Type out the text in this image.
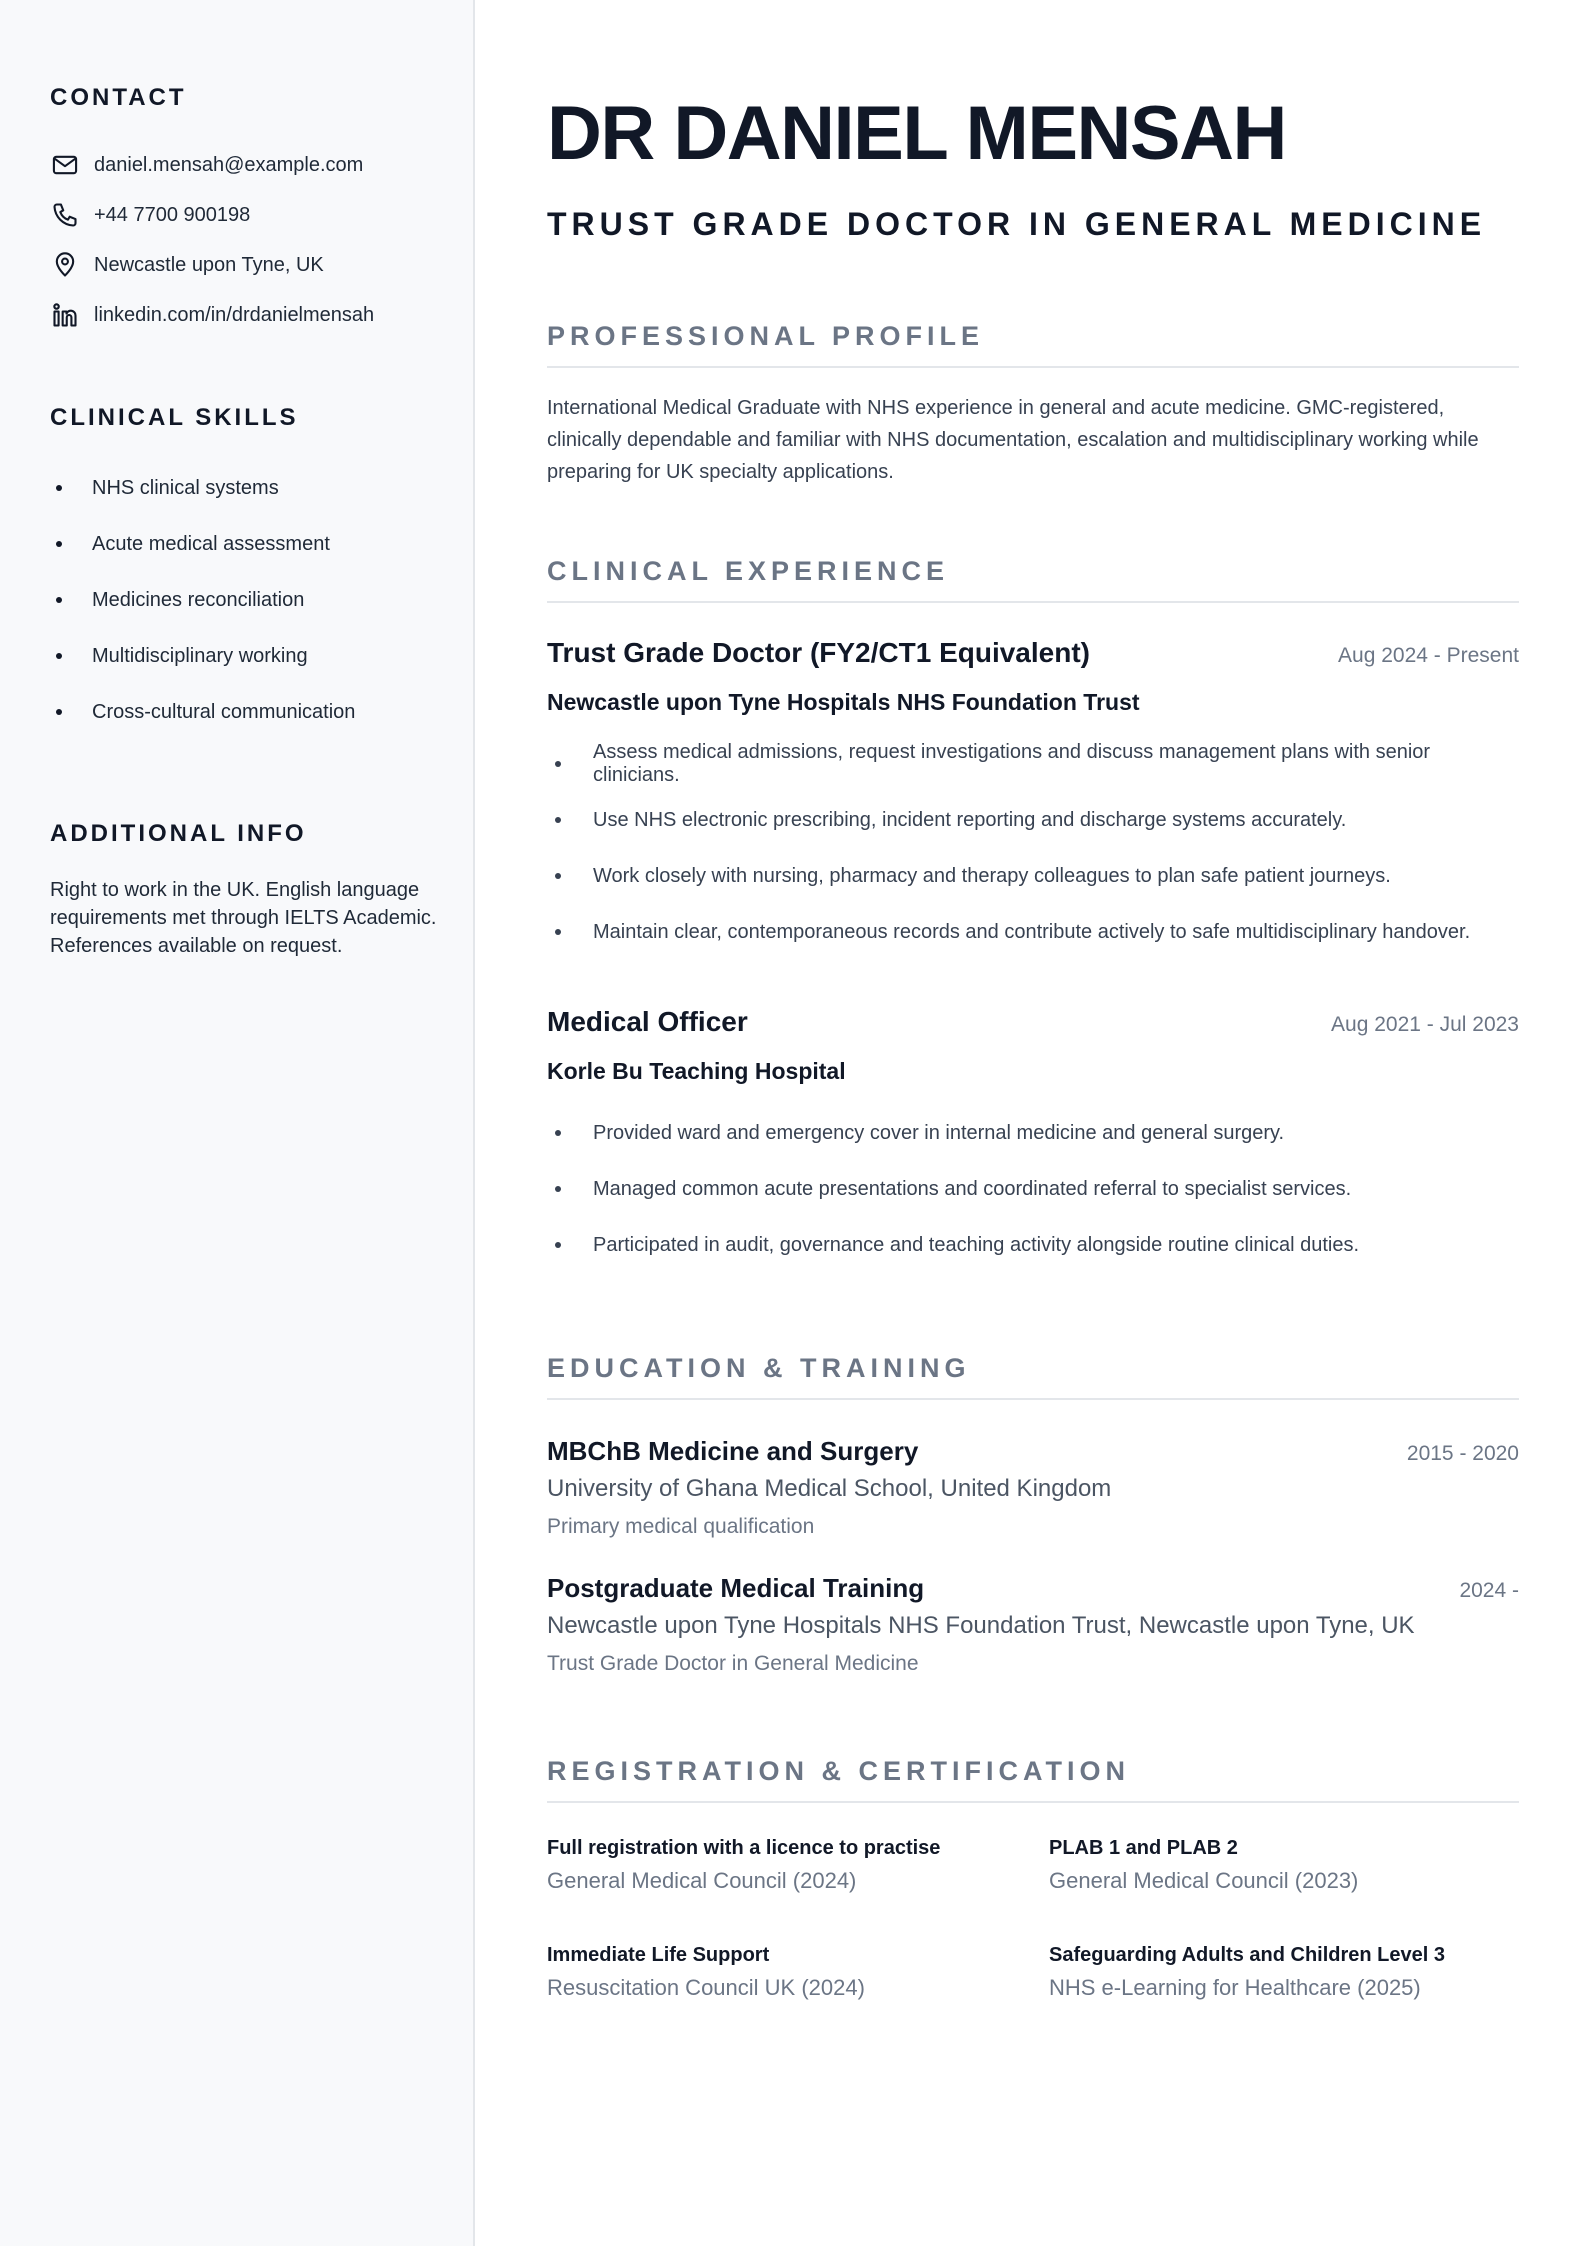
CONTACT
daniel.mensah@example.com
+44 7700 900198
Newcastle upon Tyne, UK
linkedin.com/in/drdanielmensah
CLINICAL SKILLS
NHS clinical systems
Acute medical assessment
Medicines reconciliation
Multidisciplinary working
Cross-cultural communication
ADDITIONAL INFO

Right to work in the UK. English language requirements met through IELTS Academic. References available on request.

DR DANIEL MENSAH
TRUST GRADE DOCTOR IN GENERAL MEDICINE
PROFESSIONAL PROFILE

International Medical Graduate with NHS experience in general and acute medicine. GMC-registered, clinically dependable and familiar with NHS documentation, escalation and multidisciplinary working while preparing for UK specialty applications.

CLINICAL EXPERIENCE
Trust Grade Doctor (FY2/CT1 Equivalent)	Aug 2024 - Present
Newcastle upon Tyne Hospitals NHS Foundation Trust
Assess medical admissions, request investigations and discuss management plans with senior clinicians.
Use NHS electronic prescribing, incident reporting and discharge systems accurately.
Work closely with nursing, pharmacy and therapy colleagues to plan safe patient journeys.
Maintain clear, contemporaneous records and contribute actively to safe multidisciplinary handover.
Medical Officer	Aug 2021 - Jul 2023
Korle Bu Teaching Hospital
Provided ward and emergency cover in internal medicine and general surgery.
Managed common acute presentations and coordinated referral to specialist services.
Participated in audit, governance and teaching activity alongside routine clinical duties.
EDUCATION & TRAINING
MBChB Medicine and Surgery	2015 - 2020
University of Ghana Medical School, United Kingdom
Primary medical qualification
Postgraduate Medical Training	2024 -
Newcastle upon Tyne Hospitals NHS Foundation Trust, Newcastle upon Tyne, UK
Trust Grade Doctor in General Medicine
REGISTRATION & CERTIFICATION
Full registration with a licence to practise
General Medical Council (2024)
PLAB 1 and PLAB 2
General Medical Council (2023)
Immediate Life Support
Resuscitation Council UK (2024)
Safeguarding Adults and Children Level 3
NHS e-Learning for Healthcare (2025)
